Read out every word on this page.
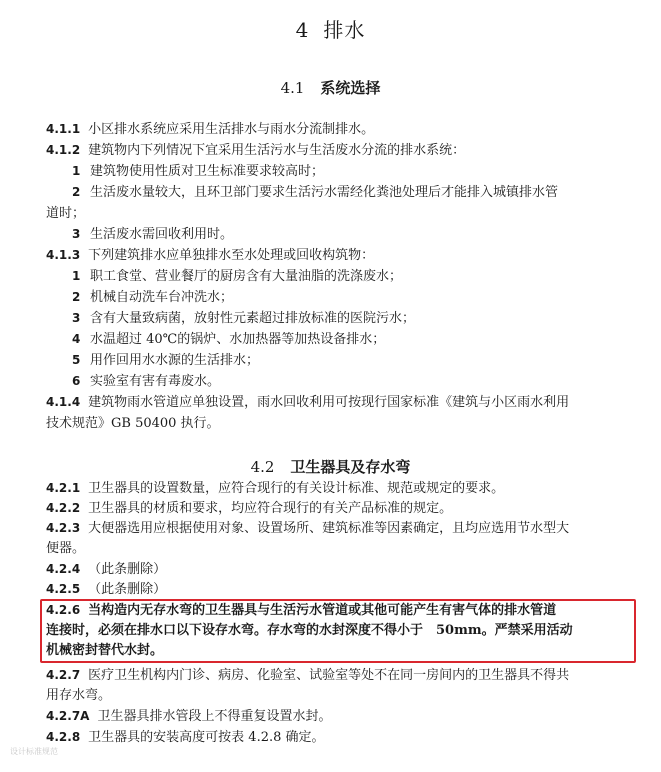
4 排水
4.1 系统选择
4.1.1 小区排水系统应采用生活排水与雨水分流制排水。
4.1.2 建筑物内下列情况下宜采用生活污水与生活废水分流的排水系统：
1 建筑物使用性质对卫生标准要求较高时；
2 生活废水量较大，且环卫部门要求生活污水需经化粪池处理后才能排入城镇排水管
道时；
3 生活废水需回收利用时。
4.1.3 下列建筑排水应单独排水至水处理或回收构筑物：
1 职工食堂、营业餐厅的厨房含有大量油脂的洗涤废水；
2 机械自动洗车台冲洗水；
3 含有大量致病菌，放射性元素超过排放标准的医院污水；
4 水温超过 40℃的锅炉、水加热器等加热设备排水；
5 用作回用水水源的生活排水；
6 实验室有害有毒废水。
4.1.4 建筑物雨水管道应单独设置，雨水回收利用可按现行国家标准《建筑与小区雨水利用
技术规范》GB 50400 执行。
4.2 卫生器具及存水弯
4.2.1 卫生器具的设置数量，应符合现行的有关设计标准、规范或规定的要求。
4.2.2 卫生器具的材质和要求，均应符合现行的有关产品标准的规定。
4.2.3 大便器选用应根据使用对象、设置场所、建筑标准等因素确定，且均应选用节水型大
便器。
4.2.4 （此条删除）
4.2.5 （此条删除）
4.2.6 当构造内无存水弯的卫生器具与生活污水管道或其他可能产生有害气体的排水管道
连接时，必须在排水口以下设存水弯。存水弯的水封深度不得小于　50mm。严禁采用活动
机械密封替代水封。
4.2.7 医疗卫生机构内门诊、病房、化验室、试验室等处不在同一房间内的卫生器具不得共
用存水弯。
4.2.7A 卫生器具排水管段上不得重复设置水封。
4.2.8 卫生器具的安装高度可按表 4.2.8 确定。
设计标准规范
